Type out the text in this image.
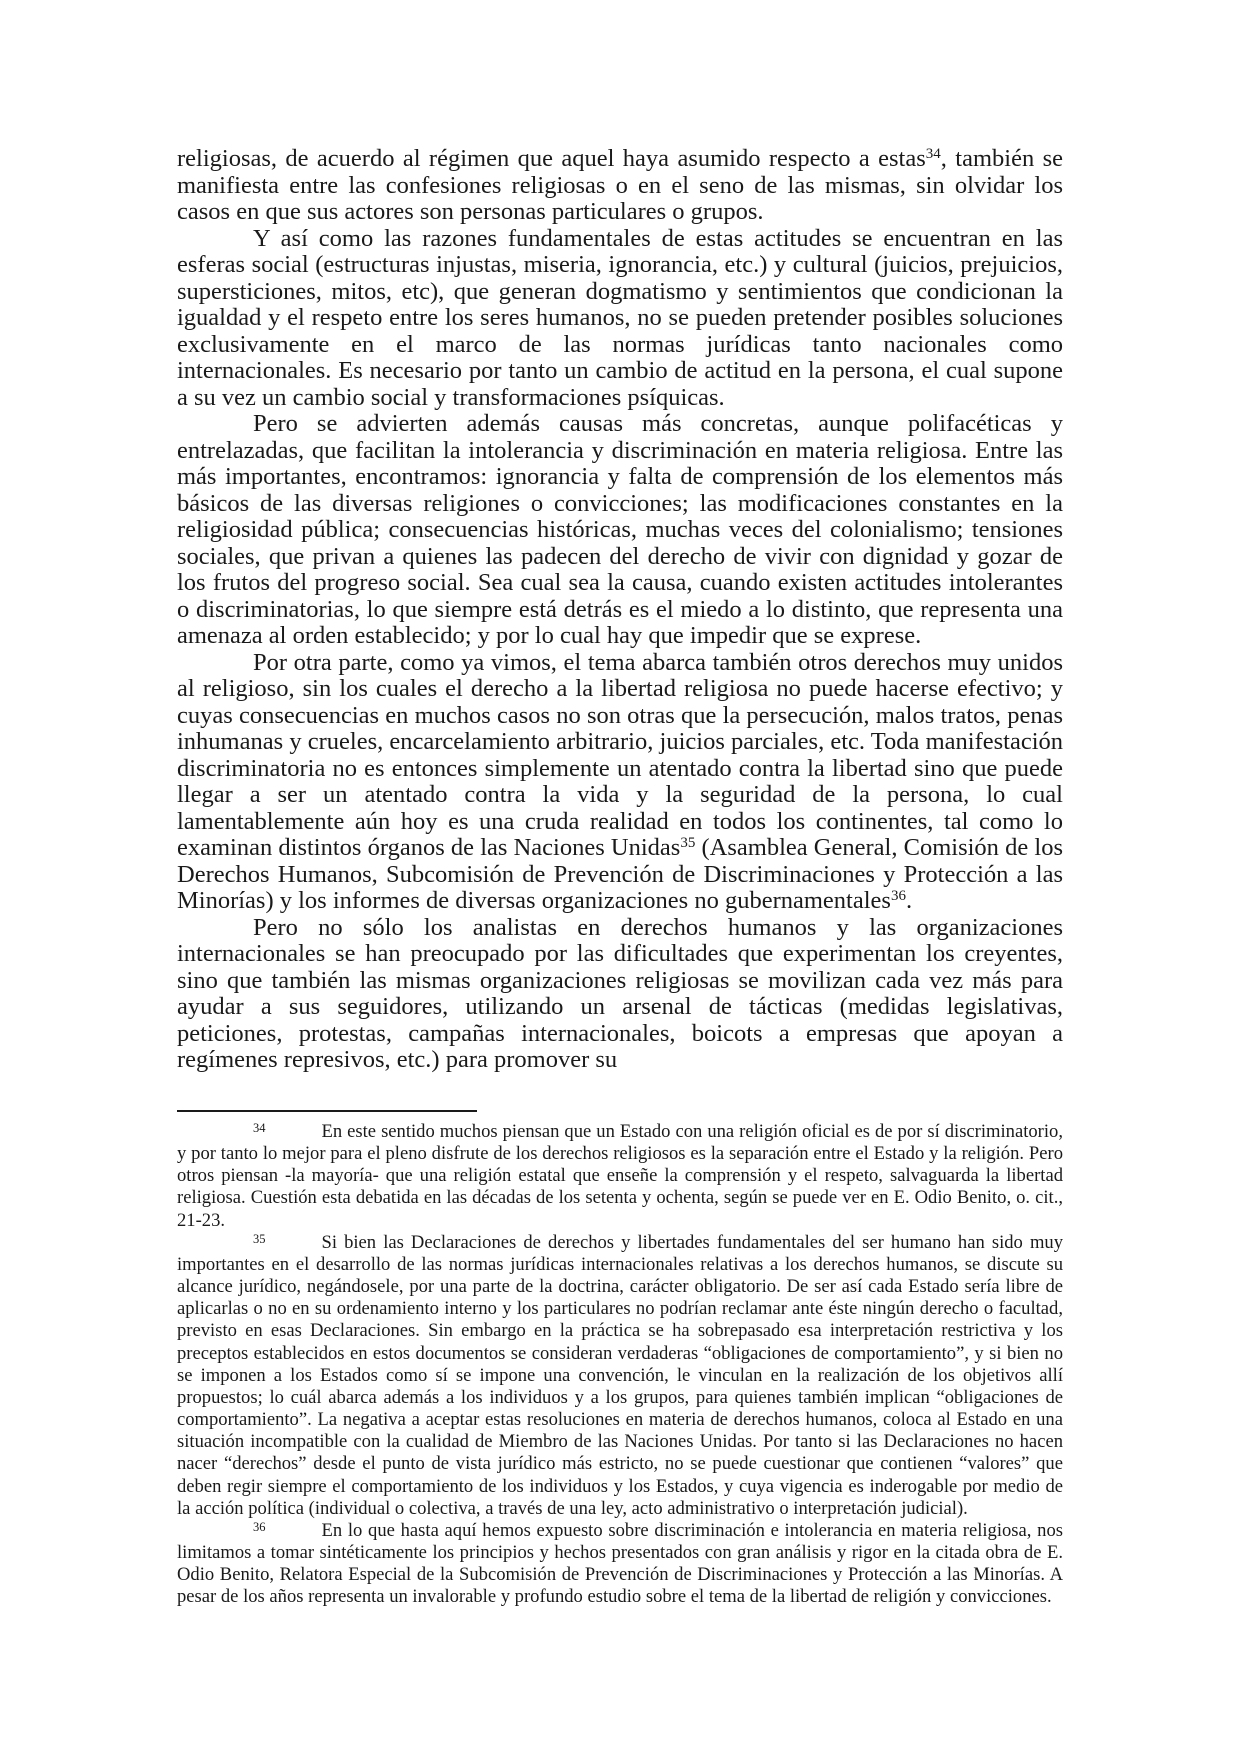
religiosas, de acuerdo al régimen que aquel haya asumido respecto a estas$^{34}$, también se manifiesta entre las confesiones religiosas o en el seno de las mismas, sin olvidar los casos en que sus actores son personas particulares o grupos.

Y así como las razones fundamentales de estas actitudes se encuentran en las esferas social (estructuras injustas, miseria, ignorancia, etc.) y cultural (juicios, prejuicios, supersticiones, mitos, etc), que generan dogmatismo y sentimientos que condicionan la igualdad y el respeto entre los seres humanos, no se pueden pretender posibles soluciones exclusivamente en el marco de las normas jurídicas tanto nacionales como internacionales. Es necesario por tanto un cambio de actitud en la persona, el cual supone a su vez un cambio social y transformaciones psíquicas.

Pero se advierten además causas más concretas, aunque polifacéticas y entrelazadas, que facilitan la intolerancia y discriminación en materia religiosa. Entre las más importantes, encontramos: ignorancia y falta de comprensión de los elementos más básicos de las diversas religiones o convicciones; las modificaciones constantes en la religiosidad pública; consecuencias históricas, muchas veces del colonialismo; tensiones sociales, que privan a quienes las padecen del derecho de vivir con dignidad y gozar de los frutos del progreso social. Sea cual sea la causa, cuando existen actitudes intolerantes o discriminatorias, lo que siempre está detrás es el miedo a lo distinto, que representa una amenaza al orden establecido; y por lo cual hay que impedir que se exprese.

Por otra parte, como ya vimos, el tema abarca también otros derechos muy unidos al religioso, sin los cuales el derecho a la libertad religiosa no puede hacerse efectivo; y cuyas consecuencias en muchos casos no son otras que la persecución, malos tratos, penas inhumanas y crueles, encarcelamiento arbitrario, juicios parciales, etc. Toda manifestación discriminatoria no es entonces simplemente un atentado contra la libertad sino que puede llegar a ser un atentado contra la vida y la seguridad de la persona, lo cual lamentablemente aún hoy es una cruda realidad en todos los continentes, tal como lo examinan distintos órganos de las Naciones Unidas$^{35}$ (Asamblea General, Comisión de los Derechos Humanos, Subcomisión de Prevención de Discriminaciones y Protección a las Minorías) y los informes de diversas organizaciones no gubernamentales$^{36}$.

Pero no sólo los analistas en derechos humanos y las organizaciones internacionales se han preocupado por las dificultades que experimentan los creyentes, sino que también las mismas organizaciones religiosas se movilizan cada vez más para ayudar a sus seguidores, utilizando un arsenal de tácticas (medidas legislativas, peticiones, protestas, campañas internacionales, boicots a empresas que apoyan a regímenes represivos, etc.) para promover su

$^{34}$	En este sentido muchos piensan que un Estado con una religión oficial es de por sí discriminatorio, y por tanto lo mejor para el pleno disfrute de los derechos religiosos es la separación entre el Estado y la religión. Pero otros piensan -la mayoría- que una religión estatal que enseñe la comprensión y el respeto, salvaguarda la libertad religiosa. Cuestión esta debatida en las décadas de los setenta y ochenta, según se puede ver en E. Odio Benito, o. cit., 21-23.

$^{35}$	Si bien las Declaraciones de derechos y libertades fundamentales del ser humano han sido muy importantes en el desarrollo de las normas jurídicas internacionales relativas a los derechos humanos, se discute su alcance jurídico, negándosele, por una parte de la doctrina, carácter obligatorio. De ser así cada Estado sería libre de aplicarlas o no en su ordenamiento interno y los particulares no podrían reclamar ante éste ningún derecho o facultad, previsto en esas Declaraciones. Sin embargo en la práctica se ha sobrepasado esa interpretación restrictiva y los preceptos establecidos en estos documentos se consideran verdaderas “obligaciones de comportamiento”, y si bien no se imponen a los Estados como sí se impone una convención, le vinculan en la realización de los objetivos allí propuestos; lo cuál abarca además a los individuos y a los grupos, para quienes también implican “obligaciones de comportamiento”. La negativa a aceptar estas resoluciones en materia de derechos humanos, coloca al Estado en una situación incompatible con la cualidad de Miembro de las Naciones Unidas. Por tanto si las Declaraciones no hacen nacer “derechos” desde el punto de vista jurídico más estricto, no se puede cuestionar que contienen “valores” que deben regir siempre el comportamiento de los individuos y los Estados, y cuya vigencia es inderogable por medio de la acción política (individual o colectiva, a través de una ley, acto administrativo o interpretación judicial).

$^{36}$	En lo que hasta aquí hemos expuesto sobre discriminación e intolerancia en materia religiosa, nos limitamos a tomar sintéticamente los principios y hechos presentados con gran análisis y rigor en la citada obra de E. Odio Benito, Relatora Especial de la Subcomisión de Prevención de Discriminaciones y Protección a las Minorías. A pesar de los años representa un invalorable y profundo estudio sobre el tema de la libertad de religión y convicciones.
